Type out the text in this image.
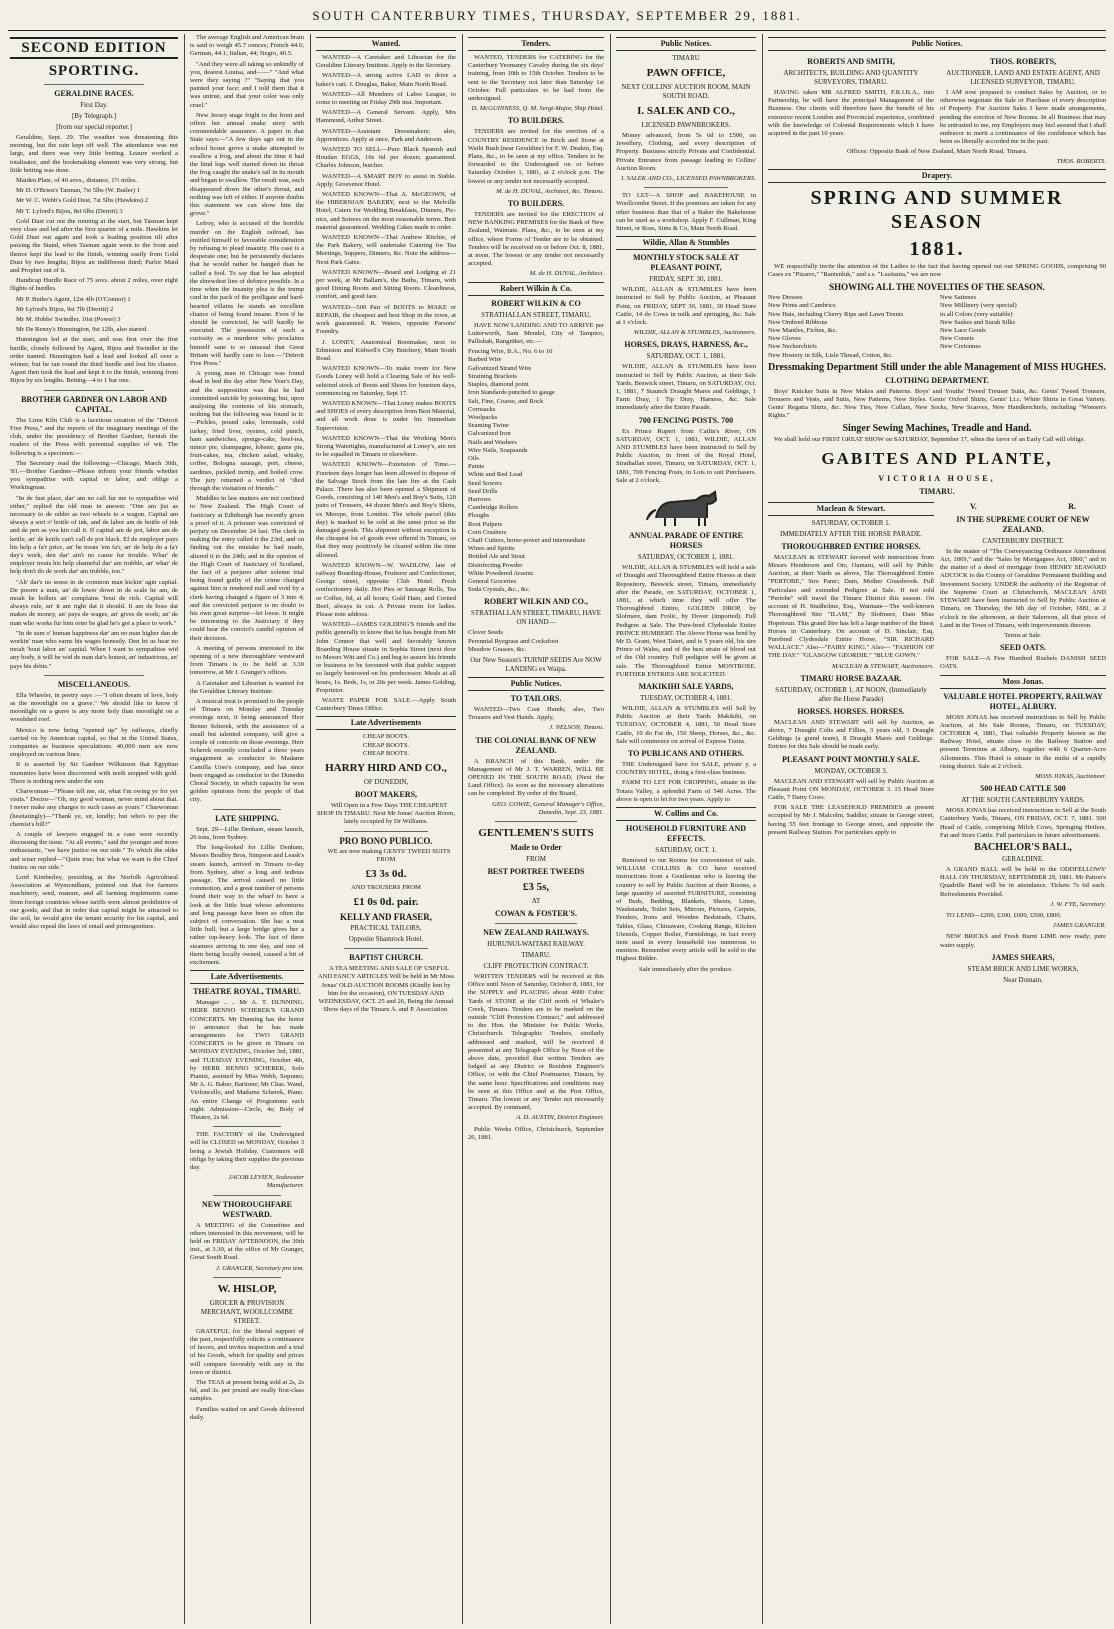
SOUTH CANTERBURY TIMES, THURSDAY, SEPTEMBER 29, 1881.
SECOND EDITION
SPORTING.
GERALDINE RACES.
First Day.
[By Telegraph.]
[from our special reporter.]

Geraldine, Sept. 29. The weather was threatening this morning, but the rain kept off well. The attendance was not large, and there was very little betting. Leaure worked a totalisator, and the bookmaking element was very strong, but little betting was done.

Maiden Plate, of 40 sovs., distance, 1½ miles.

Mr D. O'Brien's Tasman, 7st 5lbs (W. Butler) 1

Mr W. C. Webb's Gold Dust, 7st 5lbs (Hawkins) 2

Mr T. Lyford's Bijou, 8st 6lbs (Derritt) 3

Gold Dust cut out the running at the start, but Tasman kept very close and led after the first quarter of a mile. Hawkins let Gold Dust out again and took a leading position till after passing the Stand, when Tasman again went to the front and thence kept the lead to the finish, winning easily from Gold Dust by two lengths; Bijou an indifferent third; Parlor Maid and Prophet out of it.

Handicap Hurdle Race of 75 sovs. about 2 miles, over eight flights of hurdles.

Mr P. Butler's Agent, 12st 4lb (O'Connor) 1

Mr Lyford's Bijou, 9st 7lb (Derritt) 2

Mr M. Hobbs' Swindler, 10st (Power) 3

Mr De Renzy's Hunnington, 9st 12lb, also started.

Hunnington led at the start, and was first over the first hurdle, closely followed by Agent, Bijou and Swindler in the order named. Hunnington had a lead and looked all over a winner, but he ran round the third hurdle and lost his chance. Agent then took the lead and kept it to the finish, winning from Bijou by six lengths. Betting—4 to 1 bar one.

BROTHER GARDNER ON LABOR AND CAPITAL.

The Lime Kiln Club is a facetious creation of the "Detroit Free Press," and the reports of the imaginary meetings of the club, under the presidency of Brother Gardner, furnish the readers of the Press with perennial supplies of wit. The following is a specimen:—

The Secretary read the following:—Chicago, March 30th, '81.—Brother Gardner—Please inform your friends whether you sympathise with capital or labor, and oblige a Workingman.

"In de fust place, dar' am no call fur me to sympathise wid either," replied the old man in answer. "One am jist as necessary to de odder as two wheels to a wagon. Capital am always a sort o' bottle of ink, and de labor am de bottle of ink and de pen as you kin call it. If capital am de pot, labor am de kettle, an' de kettle can't call de pot black. Ef de employer pays his help a fa'r price, an' he treats 'em fa'r, an' de help do a fa'r day's work, den dar' ain't no cause fur trouble. Whar' de employer treats his help shameful dar' am trubble, an' whar' de help don't do de work dar' am trubble, too."

"Ah' dar's no sense in de common man kickin' agin capital. De poorer a man, an' de lower down in de scale he am, de moah he hollers an' complains 'bout de rich. Capital will always rule, an' it am right dat it should. It am de boss dat makes de money, an' pays de wages, an' gives de work; an' de man who works fur him orter be glad he's got a place to work."

"In de sum o' human happiness dar' am no man higher dan de workin' man who earns his wages honestly. Den let us hear no moah 'bout labor an' capital. When I want to sympathise wid any body, it will be wid de man dat's honest, an' industrious, an' pays his debts."

MISCELLANEOUS.

Ella Wheeler, in poetry says :—"I often dream of love, holy as the moonlight on a grave." We should like to know if moonlight on a grave is any more holy than moonlight on a woodshed roof.

Mexico is now being "opened up" by railways, chiefly carried on by American capital, so that in the United States, companies as business speculations. 40,000 men are now employed on various lines.

It is asserted by Sir Gardner Wilkinson that Egyptian mummies have been discovered with teeth stopped with gold. There is nothing new under the sun.

Charwoman—"Please tell me, sir, what I'm owing ye for yer visits." Doctor—"Oh, my good woman, never mind about that. I never make any charges to such cases as yours." Charwoman (hesitatingly)—"Thank ye, sir, kindly; but who's to pay the chemist's bill?"

A couple of lawyers engaged in a case were recently discussing the issue. "At all events," said the younger and more enthusiastic, "we have justice on our side." To which the older and wiser replied—"Quite true; but what we want is the Chief Justice on our side."

Lord Kimberley, presiding at the Norfolk Agricultural Association at Wymondham, pointed out that for farmers machinery, seed, manure, and all farming implements came from foreign countries whose tariffs were almost prohibitive of our goods, and that in order that capital might be attracted to the soil, he would give the tenant security for his capital, and would also repeal the laws of entail and primogeniture.

The average English and American brain is said to weigh 45.7 ounces; French 44.6; German, 44.1; Italian, 44; Negro, 40.5.

"And they were all taking so unkindly of you, dearest Louisa, and——" "And what were they saying ?" "Saying that you painted your face; and I told them that it was untrue, and that your color was only cruel."

New Jersey stage fright to the front and offers her annual snake story with commendable assurance. A paper in that State says:—"A few days ago out in the school house grove a snake attempted to swallow a frog, and about the time it had the hind legs well started down its throat the frog caught the snake's tail in its mouth and began to swallow. The result was, each disappeared down the other's throat, and nothing was left of either. If anyone doubts this statement we can show him the grove."

Lefroy, who is accused of the horrible murder on the English railroad, has entitled himself to favorable consideration by refusing to plead insanity. His case is a desperate one; but he persistently declares that he would rather be hanged than be called a fool. To say that he has adopted the shrewdest line of defence possible. In a time when the insanity plea is the trump card in the pack of the profligate and hard-hearted villains he stands an excellent chance of being found insane. Even if he should be convicted, he will hardly be executed. The possession of such a curiosity as a murderer who proclaims himself sane is so unusual that Great Britain will hardly care to lose.—"Detroit Free Press."

A young man in Chicago was found dead in bed the day after New Year's Day, and the supposition was that he had committed suicide by poisoning; but, upon analysing the contents of his stomach, nothing but the following was found in it:—Pickles, pound cake, lemonade, cold turkey, fried liver, oysters, cold punch, ham sandwiches, sponge-cake, beef-tea, mince pie, champagne, lobster, game pie, fruit-cakes, tea, chicken salad, whisky, coffee, Bologna sausage, port, cheese, sardines, pickled turnip, and boiled crow. The jury returned a verdict of "died through the visitation of friends."

Muddles in law matters are not confined to New Zealand. The High Court of Justiciary at Edinburgh has recently given a proof of it. A prisoner was convicted of perjury on December 24 last. The clerk in making the entry called it the 23rd, and on finding out the mistake he had made, altered it to the 24th; and in the opinion of the High Court of Justiciary of Scotland, the fact of a perjurer after solemn trial being found guilty of the crime charged against him is rendered null and void by a clerk having changed a figure of 3 into 4; and the convicted perjurer is no doubt to his own great surprise—let loose. It might be interesting to the Justiciary if they could hear the convict's candid opinion of their decision.

A meeting of persons interested in the opening of a new thoroughfare westward from Timaru is to be held at 3.30 tomorrow, at Mr J. Granger's offices.

A Caretaker and Librarian is wanted for the Geraldine Literary Institute.

A musical treat is promised to the people of Timaru on Monday and Tuesday evenings next, it being announced Herr Benno Scherek, with the assistance of a small but talented company, will give a couple of concerts on those evenings. Herr Scherek recently concluded a three years engagement as conductor to Madame Camilla Urso's company, and has since been engaged as conductor to the Dunedin Choral Society, in which capacity he won golden opinions from the people of that city.

LATE SHIPPING.

Sept. 29—Lillie Denham, steam launch, 26 tons, from Sydney.

The long-looked for Lillie Denham, Messrs Bradley Bros, Simpson and Leask's steam launch, arrived in Timaru to-day from Sydney, after a long and tedious passage. The arrival caused no little commotion, and a great number of persons found their way to the wharf to have a look at the little boat whose adventures and long passage have been so often the subject of conversation. She has a neat little hull, but a large bridge gives her a rather top-heavy look. The fact of three steamers arriving in one day, and one of them being locally owned, caused a bit of excitement.

Late Advertisements.
THEATRE ROYAL, TIMARU.

Manager .. .. Mr A. T. DUNNING. HERR BENNO SCHEREK'S GRAND CONCERTS. Mr Dunning has the honor to announce that he has made arrangements for TWO GRAND CONCERTS to be given in Timaru on MONDAY EVENING, October 3rd, 1881, and TUESDAY EVENING, October 4th, by HERR BENNO SCHEREK, Solo Pianist, assisted by Miss Webb, Soprano; Mr A. G. Baber, Baritone; Mr Chas. Wand, Violoncello, and Madame Scherek, Piano. An entire Change of Programme each night. Admission—Circle, 4s; Body of Theatre, 2s 6d.

THE FACTORY of the Undersigned will be CLOSED on MONDAY, October 3 being a Jewish Holiday. Customers will oblige by taking their supplies the previous day.

JACOB LEVIEN, Sodawater Manufacturer.
NEW THOROUGHFARE WESTWARD.

A MEETING of the Committee and others interested in this movement, will be held on FRIDAY AFTERNOON, the 30th inst., at 3.30, at the office of Mr Granger, Great South Road.

J. GRANGER, Secretary pro tem.
W. HISLOP,
GROCER & PROVISION MERCHANT, WOOLLCOMBE STREET.

GRATEFUL for the liberal support of the past, respectfully solicits a continuance of favors, and invites inspection and a trial of his Goods, which for quality and prices will compare favorably with any in the town or district.

The TEAS at present being sold at 2s, 2s 6d, and 3s. per pound are really first-class samples.

Families waited on and Goods delivered daily.

Wanted.

WANTED—A Caretaker and Librarian for the Geraldine Literary Institute. Apply to the Secretary.

WANTED—A strong active LAD to drive a baker's cart. J. Douglas, Baker, Main North Road.

WANTED—All Members of Labor League, to come to meeting on Friday 29th inst. Important.

WANTED—A General Servant. Apply, Mrs Hammond, Arthur Street.

WANTED—Assistant Dressmakers; also, Apprentices. Apply at once, Park and Anderson.

WANTED TO SELL—Pure Black Spanish and Houdan EGGS, 10s 6d per dozen; guaranteed. Charles Johnson, butcher.

WANTED—A SMART BOY to assist in Stable. Apply, Grosvenor Hotel.

WANTED KNOWN—That A. McGEOWN, of the HIBERNIAN BAKERY, next to the Melville Hotel, Caters for Wedding Breakfasts, Dinners, Pic-nics, and Soirees on the most reasonable terms. Best material guaranteed. Wedding Cakes made to order.

WANTED KNOWN—That Andrew Ritchie, of the Park Bakery, will undertake Catering for Tea Meetings, Suppers, Dinners, &c. Note the address—Next Park Gates.

WANTED KNOWN—Board and Lodging at 21 per week, at Mr Ballam's, the Baths, Timaru, with good Dining Room and Sitting Room. Cleanliness, comfort, and good fare.

WANTED—500 Pair of BOOTS to MAKE or REPAIR, the cheapest and best Shop in the town, at work guaranteed. R. Waters, opposite Parsons' Foundry.

J. LONEY, Anatomical Bootmaker, next to Edmiston and Kidwell's City Butchery, Main South Road.

WANTED KNOWN—To make room for New Goods Loney will hold a Clearing Sale of his well-selected stock of Boots and Shoes for fourteen days, commencing on Saturday, Sept 17.

WANTED KNOWN—That Loney makes BOOTS and SHOES of every description from Best Material, and all work done is under his Immediate Supervision.

WANTED KNOWN—That the Working Men's Strong Watertights, manufactured at Loney's, are not to be equalled in Timaru or elsewhere.

WANTED KNOWN—Extension of Time.—Fourteen days longer has been allowed to dispose of the Salvage Stock from the late fire at the Cash Palace. There has also been opened a Shipment of Goods, consisting of 140 Men's and Boy's Suits, 120 pairs of Trousers, 44 dozen Men's and Boy's Shirts, ex Merope, from London. The whole parcel (this day) is marked to be sold at the same price as the damaged goods. This shipment without exception is the cheapest lot of goods ever offered in Timaru, so that they may positively be cleared within the time allowed.

WANTED KNOWN—W. WADLOW, late of railway Boarding-House, Fruiterer and Confectioner, George street, opposite Club Hotel. Fresh confectionery daily. Hot Pies or Sausage Rolls, Tea or Coffee, 6d, at all hours; Gold Ham, and Corned Beef, always in cut. A Private room for ladies. Please note address.

WANTED—JAMES GOLDING'S friends and the public generally to know that he has bought from Mr John Connor that well and favorably known Boarding House situate in Sophia Street (next door to Messrs Witt and Co.) and beg to assure his friends or business to be favoured with that public support so largely bestowed on his predecessor. Meals at all hours, 1s. Beds, 1s, or 20s per week. James Golding, Proprietor.

WASTE PAPER FOR SALE.—Apply South Canterbury Times Office.

Late Advertisements
CHEAP BOOTS.
CHEAP BOOTS.
CHEAP BOOTS.
HARRY HIRD AND CO.,
OF DUNEDIN,
BOOT MAKERS,

Will Open in a Few Days THE CHEAPEST SHOP IN TIMARU. Next Mr Jonas' Auction Room, lately occupied by Dr Williams.

PRO BONO PUBLICO.

WE are now making GENTS' TWEED SUITS FROM

£3 3s 0d.
AND TROUSERS FROM
£1 0s 0d. pair.
KELLY AND FRASER,
PRACTICAL TAILORS,
Opposite Shamrock Hotel.
BAPTIST CHURCH.

A TEA MEETING AND SALE OF USEFUL AND FANCY ARTICLES Will be held in Mr Moss Jonas' OLD AUCTION ROOMS (Kindly lent by him for the occasion), ON TUESDAY AND WEDNESDAY, OCT. 25 and 26, Being the Annual Show days of the Timaru A. and P. Association.

Tenders.

WANTED, TENDERS for CATERING for the Canterbury Yeomanry Cavalry during the six days' training, from 10th to 15th October. Tenders to be sent to the Secretary not later than Saturday 1st October. Full particulars to be had from the undersigned.

D. McGUINNESS, Q. M. Sergt-Major, Ship Hotel.
TO BUILDERS.

TENDERS are invited for the erection of a COUNTRY RESIDENCE in Brick and Stone at Waihi Bush (near Geraldine) for F. W. Deakin, Esq. Plans, &c., to be seen at my office. Tenders to be forwarded to the Undersigned on or before Saturday October 1, 1881, at 2 o'clock p.m. The lowest or any tender not necessarily accepted.

M. de H. DUVAL, Architect, &c. Timaru.
TO BUILDERS.

TENDERS are invited for the ERECTION of NEW BANKING PREMISES for the Bank of New Zealand, Waimate. Plans, &c., to be seen at my office, where Forms of Tender are to be obtained. Tenders will be received on or before Oct. 8, 1881, at noon. The lowest or any tender not necessarily accepted.

M. de H. DUVAL, Architect.
Robert Wilkin & Co.
ROBERT WILKIN & CO
STRATHALLAN STREET, TIMARU,

HAVE NOW LANDING AND TO ARRIVE per Lutterworth, Sam Mendel, City of Tampico, Pallishah, Rangitikei, etc.—

Fencing Wire, B.A., No. 6 to 10
Barbed Wire
Galvanized Strand Wire
Straining Brackets
Staples, diamond point
Iron Standards punched to gauge
Salt, Fine, Coarse, and Rock
Cornsacks
Woolpacks
Seaming Twine
Galvanized Iron
Nails and Washers
Wire Nails, Soapsands
Oils
Paints
White and Red Lead
Seed Sowers
Seed Drills
Harrows
Cambridge Rollers
Ploughs
Root Pulpers
Corn Crushers
Chaff Cutters, horse-power and intermediate
Wines and Spirits
Bottled Ale and Stout
Disinfecting Powder
White Powdered Arsenic
General Groceries
Soda Crystals, &c., &c.
ROBERT WILKIN AND CO.,
STRATHALLAN STREET, TIMARU, HAVE ON HAND—
Clover Seeds
Perennial Ryegrass and Cocksfoot
Meadow Grasses, &c.
Our New Season's TURNIP SEEDS Are NOW LANDING ex Waipa.
Public Notices.
TO TAILORS.

WANTED—Two Coat Hands; also, Two Trousers and Vest Hands. Apply,

J. NELSON, Timaru.
THE COLONIAL BANK OF NEW ZEALAND.

A BRANCH of this Bank, under the Management of Mr J. T. WARREN, WILL BE OPENED IN THE SOUTH ROAD, (Next the Land Office). As soon as the necessary alterations can be completed. By order of the Board,

GEO. COWIE, General Manager's Office, Dunedin, Sept. 23, 1881.
GENTLEMEN'S SUITS
Made to Order
FROM
BEST PORTREE TWEEDS
£3 5s,
AT
COWAN & FOSTER'S.
NEW ZEALAND RAILWAYS.
HURUNUI-WAITAKI RAILWAY.
TIMARU.
CLIFF PROTECTION CONTRACT.

WRITTEN TENDERS will be received at this Office until Noon of Saturday, October 8, 1881, for the SUPPLY and PLACING about 4000 Cubic Yards of STONE at the Cliff north of Whaler's Creek, Timaru. Tenders are to be marked on the outside "Cliff Protection Contract," and addressed to the Hon. the Minister for Public Works, Christchurch. Telegraphic Tenders, similarly addressed and marked, will be received if presented at any Telegraph Office by Noon of the above date, provided that written Tenders are lodged at any District or Resident Engineer's Office, or with the Chief Postmaster, Timaru, by the same hour. Specifications and conditions may be seen at this Office and at the Post Office, Timaru. The lowest or any Tender not necessarily accepted. By command,

A. D. AUSTIN, District Engineer.
Public Works Office, Christchurch, September 26, 1881.
Public Notices.
TIMARU
PAWN OFFICE,
NEXT COLLINS' AUCTION ROOM, MAIN SOUTH ROAD.
I. SALEK AND CO.,
LICENSED PAWNBROKERS.

Money advanced, from 5s 6d to £500, on Jewellery, Clothing, and every description of Property. Business strictly Private and Confidential. Private Entrance from passage leading to Collins' Auction Room.

I. SALEK AND CO., LICENSED PAWNBROKERS.

TO LET—A SHOP and BAKEHOUSE in Woollcombe Street. If the premises are taken for any other business than that of a Baker the Bakehouse can be used as a workshop. Apply F. Cullman, King Street, or Ross, Sims & Co, Main North Road.

Wildie, Allan & Stumbles
MONTHLY STOCK SALE AT PLEASANT POINT,
FRIDAY, SEPT. 30, 1881.

WILDIE, ALLAN & STUMBLES have been instructed to Sell by Public Auction, at Pleasant Point, on FRIDAY, SEPT 30, 1881, 30 Head Store Cattle, 14 do Cows in milk and springing, &c. Sale at 1 o'clock.

WILDIE, ALLAN & STUMBLES, Auctioneers.
HORSES, DRAYS, HARNESS, &c.,
SATURDAY, OCT. 1, 1881.

WILDIE, ALLAN & STUMBLES have been instructed to Sell by Public Auction, at their Sale Yards, Beswick street, Timaru, on SATURDAY, Oct. 1, 1881, 7 Staunch Draught Mares and Geldings, 1 Farm Dray, 1 Tip Dray, Harness, &c. Sale immediately after the Entire Parade.

700 FENCING POSTS. 700

Ex Prince Rupert from Catlin's River, ON SATURDAY, OCT. 1, 1881, WILDIE, ALLAN AND STUMBLES have been instructed to Sell by Public Auction, in front of the Royal Hotel, Strathallan street, Timaru, on SATURDAY, OCT. 1, 1881, 700 Fencing Posts, in Lots to suit Purchasers. Sale at 2 o'clock.

ANNUAL PARADE OF ENTIRE HORSES
SATURDAY, OCTOBER 1, 1881.

WILDIE, ALLAN & STUMBLES will hold a sale of Draught and Thoroughbred Entire Horses at their Repository, Beswick street, Timaru, immediately after the Parade, on SATURDAY, OCTOBER 1, 1881, at which time they will offer The Thoroughbred Entire, GOLDEN DROP, by Slofmere, dam Frolic, by Dover (imported). Full Pedigree at Sale. The Pure-bred Clydesdale Entire PRINCE HUMBERT. The Above Horse was bred by Mr D. Grant, West Taieri, and is 5 years old, his sire Prince of Wales, and of the best strain of blood out of the Old country. Full pedigree will be given at sale. The Thoroughbred Entire MONTROSE. FURTHER ENTRIES ARE SOLICITED.

MAKIKIHI SALE YARDS,
TUESDAY, OCTOBER 4, 1881.

WILDIE, ALLAN & STUMBLES will Sell by Public Auction at their Yards Makikihi, on TUESDAY, OCTOBER 4, 1881, 50 Head Store Cattle, 10 do Fat do, 150 Sheep, Horses, &c., &c. Sale will commence on arrival of Express Trains.

TO PUBLICANS AND OTHERS.

THE Undersigned have for SALE, private y, a COUNTRY HOTEL, doing a first-class business.

FARM TO LET FOR CROPPING, situate in the Totara Valley, a splendid Farm of 540 Acres. The above is open to let for two years. Apply to

W. Collins and Co.
HOUSEHOLD FURNITURE AND EFFECTS.
SATURDAY, OCT. 1.

Removed to our Rooms for convenience of sale. WILLIAM COLLINS & CO have received instructions from a Gentleman who is leaving the country to sell by Public Auction at their Rooms, a large quantity of assorted FURNITURE, consisting of Beds, Bedding, Blankets, Sheets, Linen, Washstands, Toilet Sets, Mirrors, Pictures, Carpets, Fenders, Irons and Wooden Bedsteads, Chairs, Tables, Glass, Chinaware, Cooking Range, Kitchen Utensils, Copper Boiler, Furnishings, in fact every item used in every household too numerous to mention. Remember every article will be sold to the Highest Bidder.

Sale immediately after the produce.
Public Notices.
ROBERTS AND SMITH,
ARCHITECTS, BUILDING AND QUANTITY SURVEYORS, TIMARU.

HAVING taken MR ALFRED SMITH, F.R.I.B.A., into Partnership, he will have the principal Management of the Business. Our clients will therefore have the benefit of his extensive recent London and Provincial experience, combined with the knowledge of Colonial Requirements which I have acquired in the past 10 years.

THOS. ROBERTS,
AUCTIONEER, LAND AND ESTATE AGENT, AND LICENSED SURVEYOR, TIMARU.

I AM now prepared to conduct Sales by Auction, or to otherwise negotiate the Sale or Purchase of every description of Property. For Auction Sales I have made arrangements, pending the erection of New Rooms. In all Business that may be entrusted to me, my Employers may feel assured that I shall endeavor to merit a continuance of the confidence which has been so liberally accorded me in the past.

Offices: Opposite Bank of New Zealand, Main North Road, Timaru.
THOS. ROBERTS.
Drapery.
SPRING AND SUMMER SEASON
1881.

WE respectfully invite the attention of the Ladies to the fact that having opened out our SPRING GOODS, comprising 90 Cases ex "Pizarro," "Rantenluk," and s.s. "Lusitania," we are now

SHOWING ALL THE NOVELTIES OF THE SEASON.
New Dresses
New Prints and Cambrics
New Hats, including Cherry Ripe and Lawn Tennis
New Ombred Ribbons
New Mantles, Fichus, &c.
New Gloves
New Neckerchiefs
New Hosiery in Silk, Lisle Thread, Cotton, &c.
New Sattenes
New Millinery (very special)
in all Colors (very suitable)
New Sashes and Surah Silks
New Lace Goods
New Corsets
New Cretonnes
Dressmaking Department Still under the able Management of MISS HUGHES.
CLOTHING DEPARTMENT.

Boys' Knicker Suits in New Makes and Patterns. Boys' and Youths' Tweed Trouser Suits, &c. Gents' Tweed Trousers, Trousers and Vests, and Suits, New Patterns, New Styles. Gents' Oxford Shirts, Gents' Lt.c. White Shirts in Great Variety. Gents' Regatta Shirts, &c. New Ties, New Collars, New Socks, New Scarves, New Handkerchiefs, including "Women's Rights."

Singer Sewing Machines, Treadle and Hand.

We shall hold our FIRST GREAT SHOW on SATURDAY, September 17, when the favor of an Early Call will oblige.

GABITES AND PLANTE,
VICTORIA HOUSE,
TIMARU.
Maclean & Stewart.
SATURDAY, OCTOBER 1.
IMMEDIATELY AFTER THE HORSE PARADE.
THOROUGHBRED ENTIRE HORSES.

MACLEAN & STEWART favored with instructions from Messrs Henderson and Orr, Oamaru, will sell by Public Auction, at their Yards as above, The Thoroughbred Entire "PERTOBE," Sire Panic; Dam, Mother Grassbrook. Full Particulars and extended Pedigree at Sale. If not sold "Pertobe" will travel the Timaru District this season. On account of H. Studholme, Esq., Waimate—The well-known Thoroughbred Sire "ILAM," By Slofmere, Dam Miss Hopetoun. This grand Sire has left a large number of the finest Horses in Canterbury. On account of D. Sinclair, Esq. Purebred Clydesdale Entire Horse, "SIR RICHARD WALLACE." Also—"FAIRY KING." Also— "FASHION OF THE DAY." "GLASGOW GEORDIE." "BLUE GOWN."

MACLEAN & STEWART, Auctioneers.
TIMARU HORSE BAZAAR.
SATURDAY, OCTOBER 1, AT NOON, (Immediately after the Horse Parade)
HORSES. HORSES. HORSES.

MACLEAN AND STEWART will sell by Auction, as above, 7 Draught Colts and Fillies, 3 years old, 3 Draught Geldings (a grand team), 8 Draught Mares and Geldings. Entries for this Sale should be made early.

PLEASANT POINT MONTHLY SALE.
MONDAY, OCTOBER 3.

MACLEAN AND STEWART will sell by Public Auction at Pleasant Point ON MONDAY, OCTOBER 3. 15 Head Store Cattle, 7 Dairy Cows.

FOR SALE THE LEASEHOLD PREMISES at present occupied by Mr J. Malcolm, Saddler, situate in George street, having 55 feet frontage to George street, and opposite the present Railway Station. For particulars apply to

V.	R.
IN THE SUPREME COURT OF NEW ZEALAND.
CANTERBURY DISTRICT.

In the matter of "The Conveyancing Ordinance Amendment Act, 1869," and the "Sales by Mortgagees Act, 1860," and in the matter of a deed of mortgage from HENRY SEAWARD ADCOCK to the County of Geraldine Permanent Building and Investment Society. UNDER the authority of the Registrar of the Supreme Court at Christchurch, MACLEAN AND STEWART have been instructed to Sell by Public Auction at Timaru, on Thursday, the 6th day of October, 1881, at 2 o'clock in the afternoon, at their Saleroom, all that piece of Land in the Town of Timaru, with improvements thereon.

Terms at Sale.
SEED OATS.

FOR SALE—A Few Hundred Bushels DANISH SEED OATS.

Moss Jonas.
VALUABLE HOTEL PROPERTY, RAILWAY HOTEL, ALBURY.

MOSS JONAS has received instructions to Sell by Public Auction, at his Sale Rooms, Timaru, on TUESDAY, OCTOBER 4, 1881, That valuable Property known as the Railway Hotel, situate close to the Railway Station and present Terminus at Albury, together with 6 Quarter-Acre Allotments. This Hotel is situate in the midst of a rapidly rising district. Sale at 2 o'clock.

MOSS JONAS, Auctioneer.
500 HEAD CATTLE 500
AT THE SOUTH CANTERBURY YARDS.

MOSS JONAS has received instructions to Sell at the South Canterbury Yards, Timaru, ON FRIDAY, OCT. 7, 1881. 500 Head of Cattle, comprising Milch Cows, Springing Heifers, Fat and Store Cattle. Full particulars in future advertisement.

BACHELOR'S BALL,
GERALDINE.

A GRAND BALL will be held in the ODDFELLOWS' HALL ON THURSDAY, SEPTEMBER 29, 1881. Mr Patton's Quadrille Band will be in attendance. Tickets 7s 6d each. Refreshments Provided.

J. W. FYE, Secretary.

TO LEND—£200, £300, £600, £500, £800.

JAMES GRANGER.

NEW BRICKS and Fresh Burnt LIME now ready; pure water supply.

JAMES SHEARS,
STEAM BRICK AND LIME WORKS,
Near Domain.
